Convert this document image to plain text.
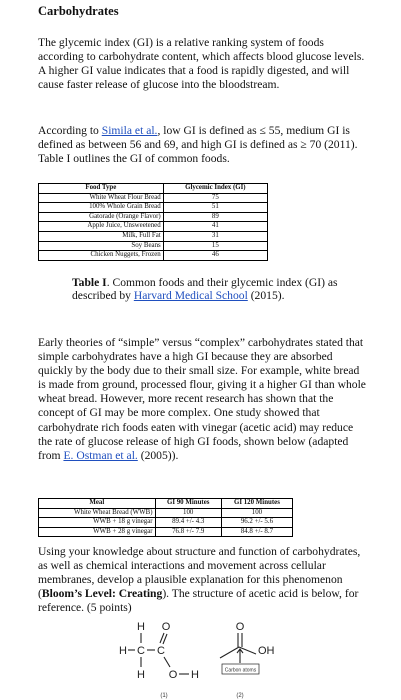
Carbohydrates
The glycemic index (GI) is a relative ranking system of foods according to carbohydrate content, which affects blood glucose levels. A higher GI value indicates that a food is rapidly digested, and will cause faster release of glucose into the bloodstream.
According to Simila et al., low GI is defined as ≤ 55, medium GI is defined as between 56 and 69, and high GI is defined as ≥ 70 (2011). Table I outlines the GI of common foods.
Food Type	Glycemic Index (GI)
White Wheat Flour Bread	75
100% Whole Grain Bread	51
Gatorade (Orange Flavor)	89
Apple Juice, Unsweetened	41
Milk, Full Fat	31
Soy Beans	15
Chicken Nuggets, Frozen	46
Table I. Common foods and their glycemic index (GI) as described by Harvard Medical School (2015).
Early theories of “simple” versus “complex” carbohydrates stated that simple carbohydrates have a high GI because they are absorbed quickly by the body due to their small size. For example, white bread is made from ground, processed flour, giving it a higher GI than whole wheat bread. However, more recent research has shown that the concept of GI may be more complex. One study showed that carbohydrate rich foods eaten with vinegar (acetic acid) may reduce the rate of glucose release of high GI foods, shown below (adapted from E. Ostman et al. (2005)).
Meal	GI 90 Minutes	GI 120 Minutes
White Wheat Bread (WWB)	100	100
WWB + 18 g vinegar	89.4 +/- 4.3	96.2 +/- 5.6
WWB + 28 g vinegar	76.8 +/- 7.9	84.8 +/- 8.7
Using your knowledge about structure and function of carbohydrates, as well as chemical interactions and movement across cellular membranes, develop a plausible explanation for this phenomenon (Bloom’s Level: Creating). The structure of acetic acid is below, for reference. (5 points)
H O
H C C
H O H
(1)
O
OH
Carbon atoms
(2)
